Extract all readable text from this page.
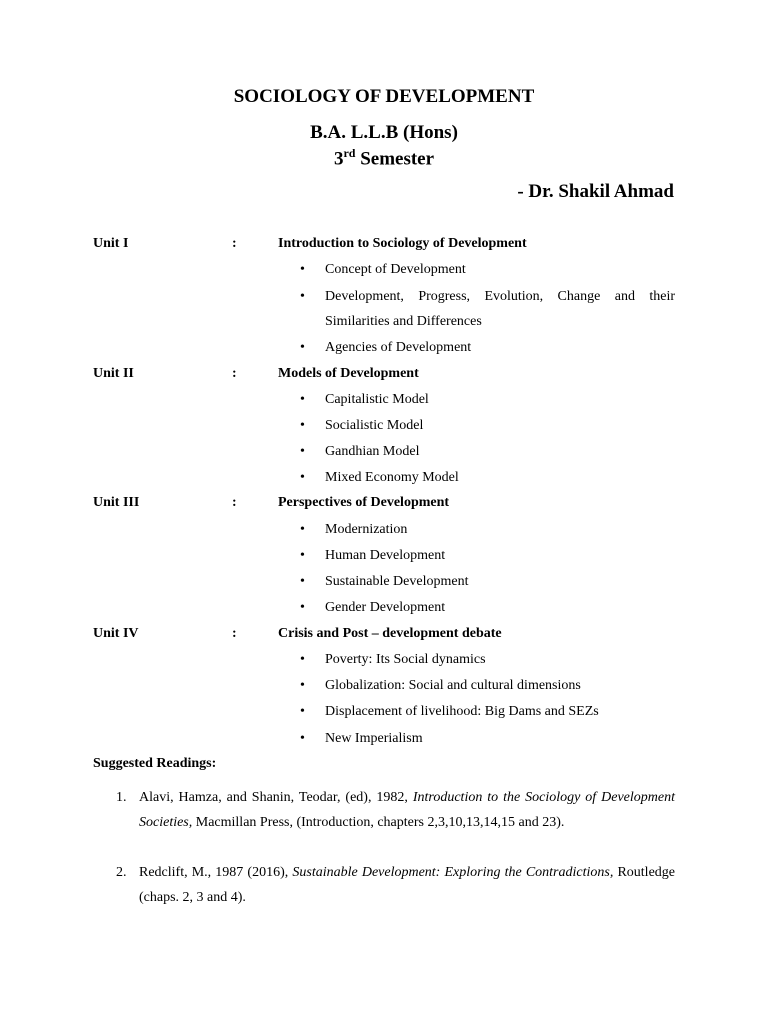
SOCIOLOGY OF DEVELOPMENT
B.A. L.L.B (Hons)
3rd Semester
- Dr. Shakil Ahmad
Unit I	:	Introduction to Sociology of Development
• Concept of Development
• Development, Progress, Evolution, Change and their Similarities and Differences
• Agencies of Development
Unit II	:	Models of Development
• Capitalistic Model
• Socialistic Model
• Gandhian Model
• Mixed Economy Model
Unit III	:	Perspectives of Development
• Modernization
• Human Development
• Sustainable Development
• Gender Development
Unit IV	:	Crisis and Post – development debate
• Poverty: Its Social dynamics
• Globalization: Social and cultural dimensions
• Displacement of livelihood: Big Dams and SEZs
• New Imperialism
Suggested Readings:
1. Alavi, Hamza, and Shanin, Teodar, (ed), 1982, Introduction to the Sociology of Development Societies, Macmillan Press, (Introduction, chapters 2,3,10,13,14,15 and 23).
2. Redclift, M., 1987 (2016), Sustainable Development: Exploring the Contradictions, Routledge (chaps. 2, 3 and 4).
